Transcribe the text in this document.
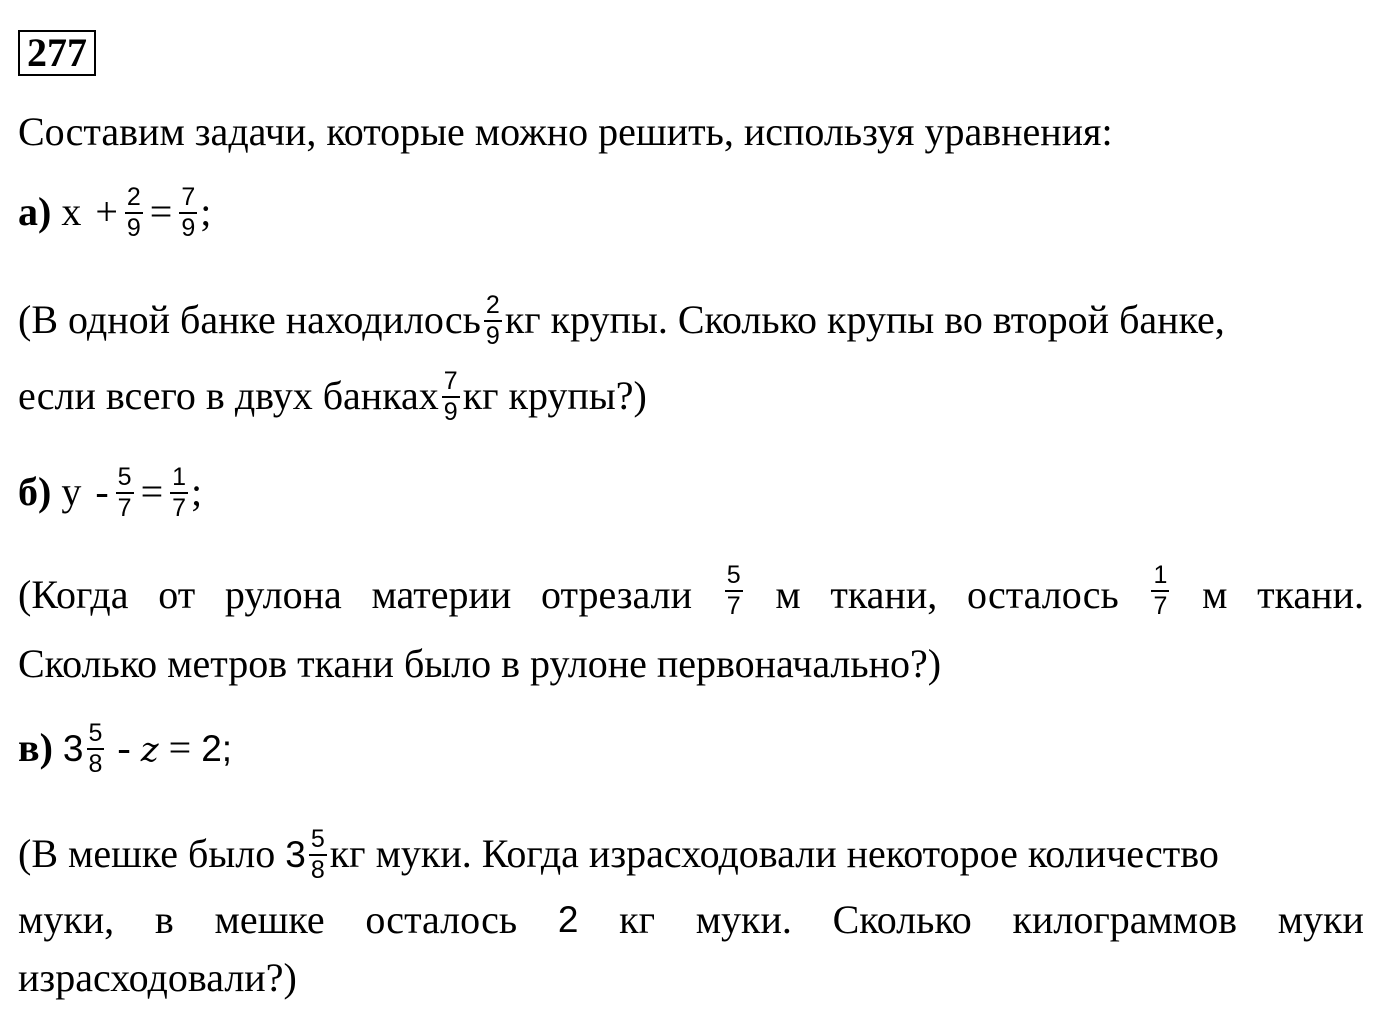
277
Составим задачи, которые можно решить, используя уравнения:
а) $x + \frac{2}{9} = \frac{7}{9}$ ;
(В одной банке находилось $\frac{2}{9}$ кг крупы. Сколько крупы во второй банке,
если всего в двух банках $\frac{7}{9}$ кг крупы?)
б) $y - \frac{5}{7} = \frac{1}{7}$ ;
(Когда от рулона материи отрезали $\frac{5}{7}$ м ткани, осталось $\frac{1}{7}$ м ткани.
Сколько метров ткани было в рулоне первоначально?)
в) $3 \frac{5}{8} - z = 2$;
(В мешке было $3 \frac{5}{8}$ кг муки. Когда израсходовали некоторое количество
муки, в мешке осталось 2 кг муки. Сколько килограммов муки
израсходовали?)
